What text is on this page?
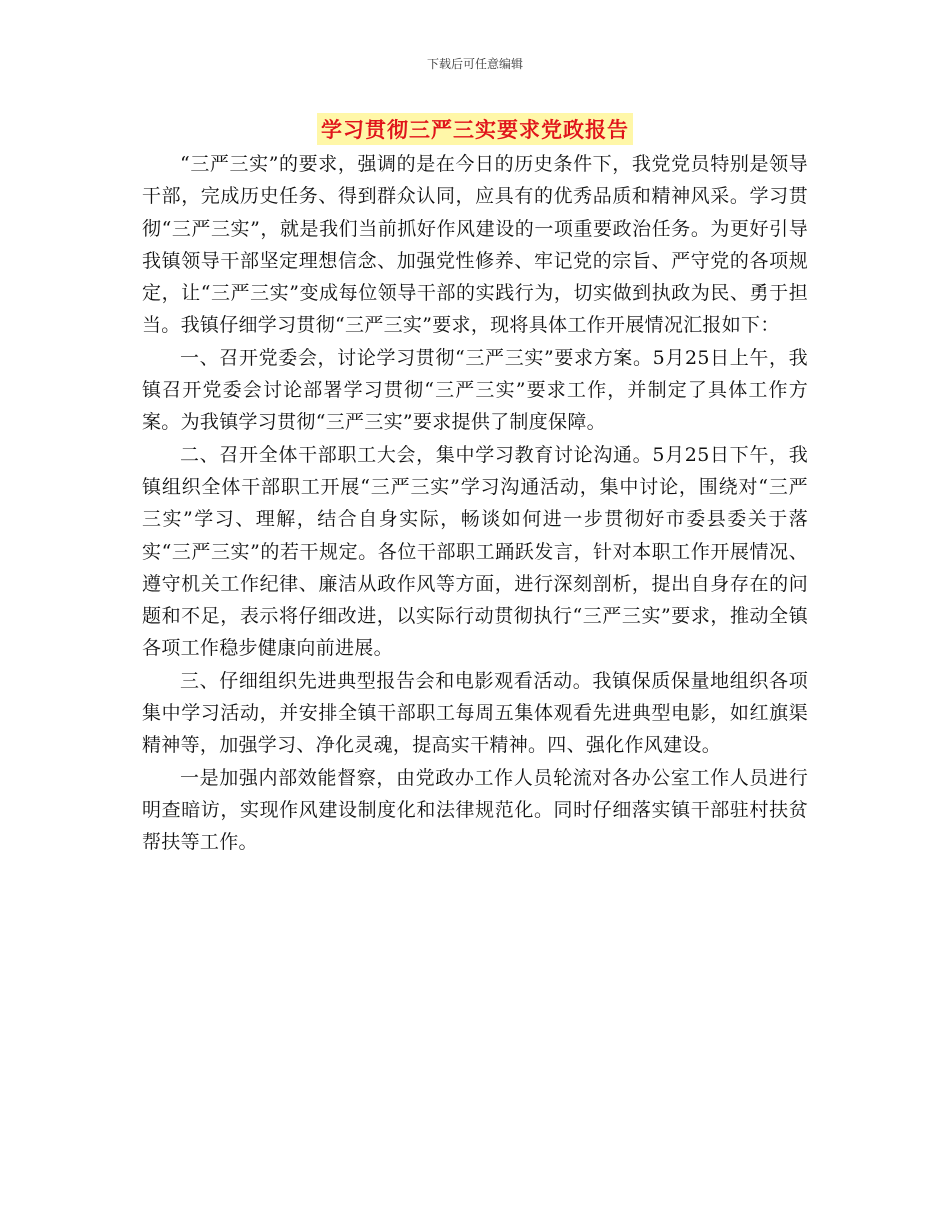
下载后可任意编辑
学习贯彻三严三实要求党政报告

“三严三实”的要求，强调的是在今日的历史条件下，我党党员特别是领导干部，完成历史任务、得到群众认同，应具有的优秀品质和精神风采。学习贯彻“三严三实”，就是我们当前抓好作风建设的一项重要政治任务。为更好引导我镇领导干部坚定理想信念、加强党性修养、牢记党的宗旨、严守党的各项规定，让“三严三实”变成每位领导干部的实践行为，切实做到执政为民、勇于担当。我镇仔细学习贯彻“三严三实”要求，现将具体工作开展情况汇报如下：

一、召开党委会，讨论学习贯彻“三严三实”要求方案。5月25日上午，我镇召开党委会讨论部署学习贯彻“三严三实”要求工作，并制定了具体工作方案。为我镇学习贯彻“三严三实”要求提供了制度保障。

二、召开全体干部职工大会，集中学习教育讨论沟通。5月25日下午，我镇组织全体干部职工开展“三严三实”学习沟通活动，集中讨论，围绕对“三严三实”学习、理解，结合自身实际，畅谈如何进一步贯彻好市委县委关于落实“三严三实”的若干规定。各位干部职工踊跃发言，针对本职工作开展情况、遵守机关工作纪律、廉洁从政作风等方面，进行深刻剖析，提出自身存在的问题和不足，表示将仔细改进，以实际行动贯彻执行“三严三实”要求，推动全镇各项工作稳步健康向前进展。

三、仔细组织先进典型报告会和电影观看活动。我镇保质保量地组织各项集中学习活动，并安排全镇干部职工每周五集体观看先进典型电影，如红旗渠精神等，加强学习、净化灵魂，提高实干精神。四、强化作风建设。

一是加强内部效能督察，由党政办工作人员轮流对各办公室工作人员进行明查暗访，实现作风建设制度化和法律规范化。同时仔细落实镇干部驻村扶贫帮扶等工作。
